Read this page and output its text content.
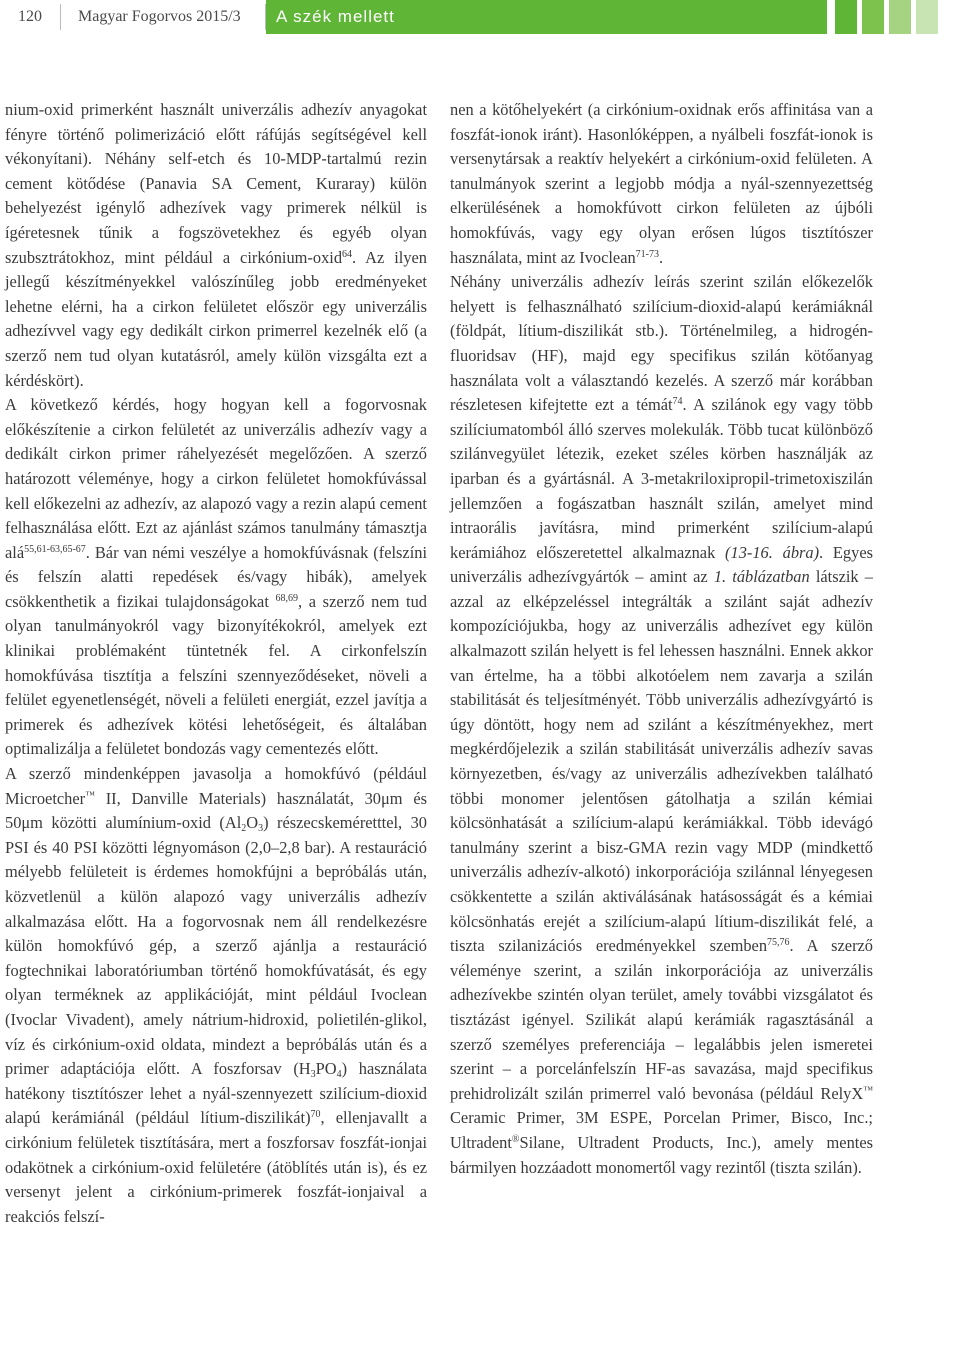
120	Magyar Fogorvos 2015/3 A szék mellett

nium-oxid primerként használt univerzális adhezív anyagokat fényre történő polimerizáció előtt ráfújás segítségével kell vékonyítani). Néhány self-etch és 10-MDP-tartalmú rezin cement kötődése (Panavia SA Cement, Kuraray) külön behelyezést igénylő adhezívek vagy primerek nélkül is ígéretesnek tűnik a fogszövetekhez és egyéb olyan szubsztrátokhoz, mint például a cirkónium-oxid$^{64}$. Az ilyen jellegű készítményekkel valószínűleg jobb eredményeket lehetne elérni, ha a cirkon felületet először egy univerzális adhezívvel vagy egy dedikált cirkon primerrel kezelnék elő (a szerző nem tud olyan kutatásról, amely külön vizsgálta ezt a kérdéskört).

A következő kérdés, hogy hogyan kell a fogorvosnak előkészítenie a cirkon felületét az univerzális adhezív vagy a dedikált cirkon primer ráhelyezését megelőzően. A szerző határozott véleménye, hogy a cirkon felületet homokfúvással kell előkezelni az adhezív, az alapozó vagy a rezin alapú cement felhasználása előtt. Ezt az ajánlást számos tanulmány támasztja alá$^{55,61-63,65-67}$. Bár van némi veszélye a homokfúvásnak (felszíni és felszín alatti repedések és/vagy hibák), amelyek csökkenthetik a fizikai tulajdonságokat $^{68,69}$, a szerző nem tud olyan tanulmányokról vagy bizonyítékokról, amelyek ezt klinikai problémaként tüntetnék fel. A cirkonfelszín homokfúvása tisztítja a felszíni szennyeződéseket, növeli a felület egyenetlenségét, növeli a felületi energiát, ezzel javítja a primerek és adhezívek kötési lehetőségeit, és általában optimalizálja a felületet bondozás vagy cementezés előtt.

A szerző mindenképpen javasolja a homokfúvó (például Microetcher™ II, Danville Materials) használatát, 30μm és 50μm közötti alumínium-oxid $(Al_2O_3)$ részecskeméretttel, 30 PSI és 40 PSI közötti légnyomáson (2,0–2,8 bar). A restauráció mélyebb felületeit is érdemes homokfújni a beprόbálás után, közvetlenül a külön alapozó vagy univerzális adhezív alkalmazása előtt. Ha a fogorvosnak nem áll rendelkezésre külön homokfúvó gép, a szerző ajánlja a restauráció fogtechnikai laboratóriumban történő homokfúvatását, és egy olyan terméknek az applikációját, mint például Ivoclean (Ivoclar Vivadent), amely nátrium-hidroxid, polietilén-glikol, víz és cirkónium-oxid oldata, mindezt a beprόbálás után és a primer adaptációja előtt. A foszforsav $(H_3PO_4)$ használata hatékony tisztítószer lehet a nyál-szennyezett szilícium-dioxid alapú kerámiánál (például lítium-diszilikát)$^{70}$, ellenjavallt a cirkónium felületek tisztítására, mert a foszforsav foszfát-ionjai odakötnek a cirkónium-oxid felületére (átöblítés után is), és ez versenyt jelent a cirkónium-primerek foszfát-ionjaival a reakciós felszí-

nen a kötőhelyekért (a cirkónium-oxidnak erős affinitása van a foszfát-ionok iránt). Hasonlóképpen, a nyálbeli foszfát-ionok is versenytársak a reaktív helyekért a cirkónium-oxid felületen. A tanulmányok szerint a legjobb módja a nyál-szennyezettség elkerülésének a homokfúvott cirkon felületen az újbóli homokfúvás, vagy egy olyan erősen lúgos tisztítószer használata, mint az Ivoclean$^{71-73}$.

Néhány univerzális adhezív leírás szerint szilán előkezelők helyett is felhasználható szilícium-dioxid-alapú kerámiáknál (földpát, lítium-diszilikát stb.). Történelmileg, a hidrogén-fluoridsav (HF), majd egy specifikus szilán kötőanyag használata volt a választandó kezelés. A szerző már korábban részletesen kifejtette ezt a témát$^{74}$. A szilánok egy vagy több szilíciumatomból álló szerves molekulák. Több tucat különböző szilánvegyület létezik, ezeket széles körben használják az iparban és a gyártásnál. A 3-metakriloxipropil-trimetoxiszilán jellemzően a fogászatban használt szilán, amelyet mind intraorális javításra, mind primerként szilícium-alapú kerámiához előszeretettel alkalmaznak (13-16. ábra). Egyes univerzális adhezívgyártók – amint az 1. táblázatban látszik – azzal az elképzeléssel integrálták a szilánt saját adhezív kompozíciójukba, hogy az univerzális adhezívet egy külön alkalmazott szilán helyett is fel lehessen használni. Ennek akkor van értelme, ha a többi alkotóelem nem zavarja a szilán stabilitását és teljesítményét. Több univerzális adhezívgyártó is úgy döntött, hogy nem ad szilánt a készítményekhez, mert megkérdőjelezik a szilán stabilitását univerzális adhezív savas környezetben, és/vagy az univerzális adhezívekben található többi monomer jelentősen gátolhatja a szilán kémiai kölcsönhatását a szilícium-alapú kerámiákkal. Több idevágó tanulmány szerint a bisz-GMA rezin vagy MDP (mindkettő univerzális adhezív-alkotó) inkorporációja szilánnal lényegesen csökkentette a szilán aktiválásának hatásosságát és a kémiai kölcsönhatás erejét a szilícium-alapú lítium-diszilikát felé, a tiszta szilanizációs eredményekkel szemben$^{75,76}$. A szerző véleménye szerint, a szilán inkorporációja az univerzális adhezívekbe szintén olyan terület, amely további vizsgálatot és tisztázást igényel. Szilikát alapú kerámiák ragasztásánál a szerző személyes preferenciája – legalábbis jelen ismeretei szerint – a porcelánfelszín HF-as savazása, majd specifikus prehidrolizált szilán primerrel való bevonása (például RelyX™ Ceramic Primer, 3M ESPE, Porcelan Primer, Bisco, Inc.; Ultradent®Silane, Ultradent Products, Inc.), amely mentes bármilyen hozzáadott monomertől vagy rezintől (tiszta szilán).
